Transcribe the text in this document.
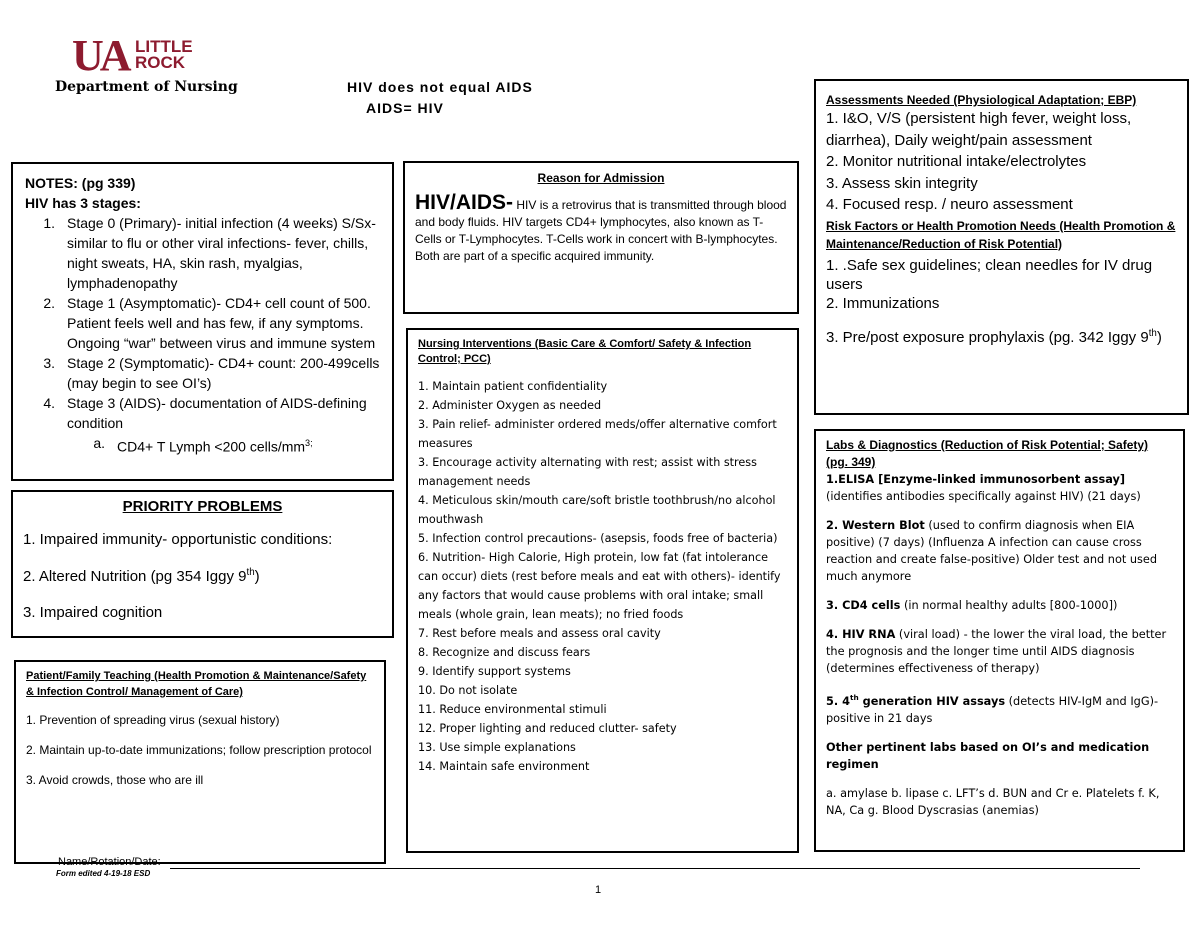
UA LITTLE
ROCK
Department of Nursing	HIV does not equal AIDS
AIDS= HIV
NOTES: (pg 339)
HIV has 3 stages:
1. Stage 0 (Primary)- initial infection (4 weeks) S/Sx- similar to flu or other viral infections- fever, chills, night sweats, HA, skin rash, myalgias, lymphadenopathy
2. Stage 1 (Asymptomatic)- CD4+ cell count of 500. Patient feels well and has few, if any symptoms. Ongoing “war” between virus and immune system
3. Stage 2 (Symptomatic)- CD4+ count: 200-499cells (may begin to see OI’s)
4. Stage 3 (AIDS)- documentation of AIDS-defining condition
a. CD4+ T Lymph <200 cells/$mm^{3;}$
PRIORITY PROBLEMS
1. Impaired immunity- opportunistic conditions:
2. Altered Nutrition (pg 354 Iggy 9th)
3. Impaired cognition
Patient/Family Teaching (Health Promotion & Maintenance/Safety & Infection Control/ Management of Care)
1. Prevention of spreading virus (sexual history)
2. Maintain up-to-date immunizations; follow prescription protocol
3. Avoid crowds, those who are ill
Reason for Admission

HIV/AIDS- HIV is a retrovirus that is transmitted through blood and body fluids. HIV targets CD4+ lymphocytes, also known as T-Cells or T-Lymphocytes. T-Cells work in concert with B-lymphocytes. Both are part of a specific acquired immunity.

Nursing Interventions (Basic Care & Comfort/ Safety & Infection Control; PCC)
1. Maintain patient confidentiality
2. Administer Oxygen as needed
3. Pain relief- administer ordered meds/offer alternative comfort measures
3. Encourage activity alternating with rest; assist with stress management needs
4. Meticulous skin/mouth care/soft bristle toothbrush/no alcohol mouthwash
5. Infection control precautions- (asepsis, foods free of bacteria)
6. Nutrition- High Calorie, High protein, low fat (fat intolerance can occur) diets (rest before meals and eat with others)- identify any factors that would cause problems with oral intake; small meals (whole grain, lean meats); no fried foods
7. Rest before meals and assess oral cavity
8. Recognize and discuss fears
9. Identify support systems
10. Do not isolate
11. Reduce environmental stimuli
12. Proper lighting and reduced clutter- safety
13. Use simple explanations
14. Maintain safe environment
Assessments Needed (Physiological Adaptation; EBP)
1. I&O, V/S (persistent high fever, weight loss, diarrhea), Daily weight/pain assessment
2. Monitor nutritional intake/electrolytes
3. Assess skin integrity
4. Focused resp. / neuro assessment
Risk Factors or Health Promotion Needs (Health Promotion & Maintenance/Reduction of Risk Potential)
1. .Safe sex guidelines; clean needles for IV drug users
2. Immunizations
3. Pre/post exposure prophylaxis (pg. 342 Iggy 9th)
Labs & Diagnostics (Reduction of Risk Potential; Safety) (pg. 349)
1.ELISA [Enzyme-linked immunosorbent assay] (identifies antibodies specifically against HIV) (21 days)
2. Western Blot (used to confirm diagnosis when EIA positive) (7 days) (Influenza A infection can cause cross reaction and create false-positive) Older test and not used much anymore
3. CD4 cells (in normal healthy adults [800-1000])
4. HIV RNA (viral load) - the lower the viral load, the better the prognosis and the longer time until AIDS diagnosis (determines effectiveness of therapy)
5. 4th generation HIV assays (detects HIV-IgM and IgG)- positive in 21 days
Other pertinent labs based on OI’s and medication regimen
a. amylase b. lipase c. LFT’s d. BUN and Cr e. Platelets f. K, NA, Ca g. Blood Dyscrasias (anemias)
Name/Rotation/Date:
Form edited 4-19-18 ESD
1
